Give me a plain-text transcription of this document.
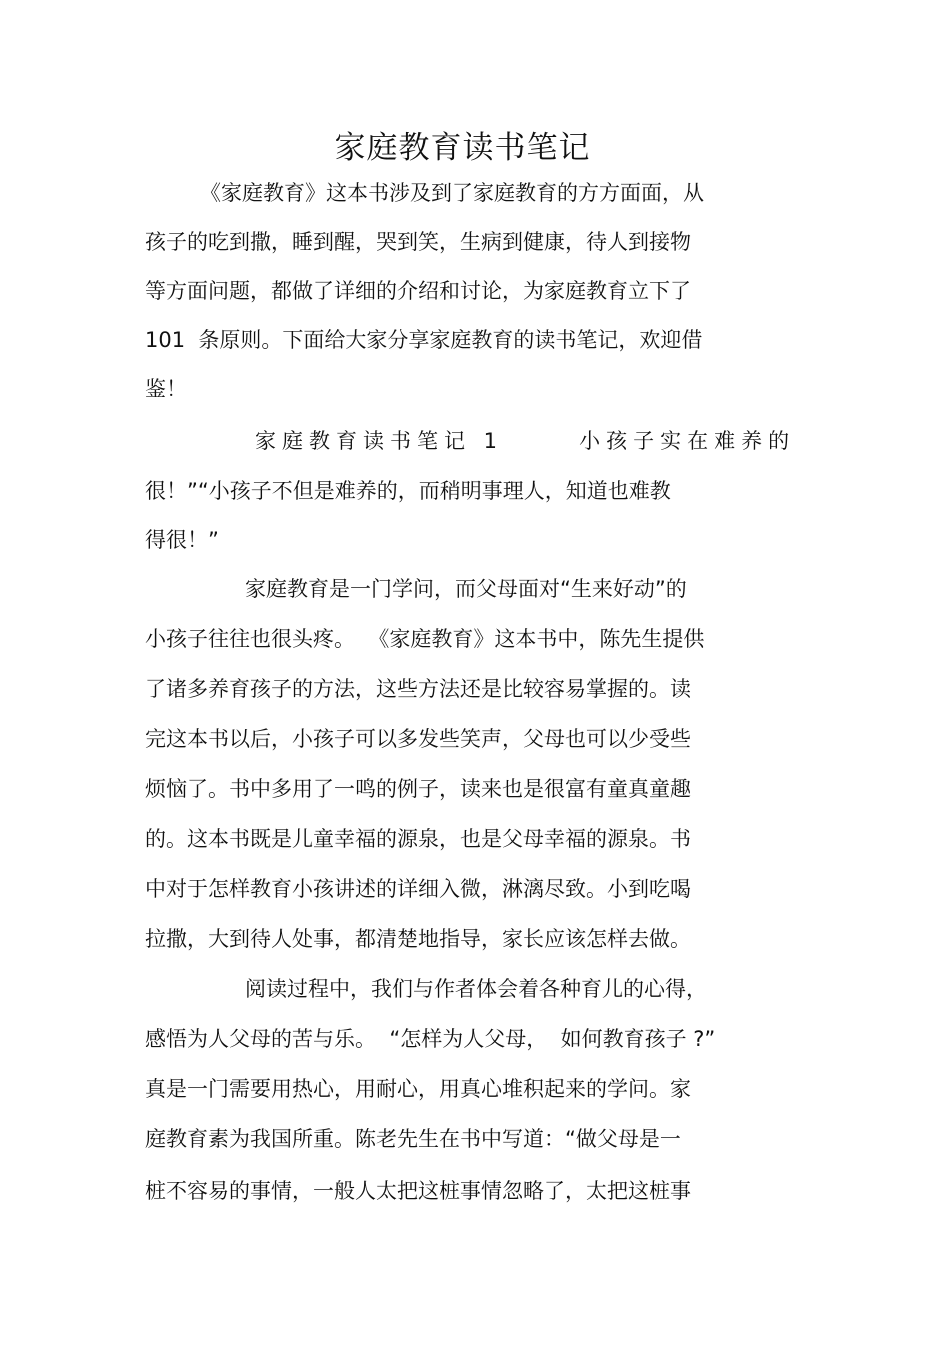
家庭教育读书笔记
《家庭教育》这本书涉及到了家庭教育的方方面面，从
孩子的吃到撒，睡到醒，哭到笑，生病到健康，待人到接物
等方面问题，都做了详细的介绍和讨论，为家庭教育立下了
101  条原则。下面给大家分享家庭教育的读书笔记，欢迎借
鉴！
家庭教育读书笔记 1      小孩子实在难养的
很！”“小孩子不但是难养的，而稍明事理人，知道也难教
得很！”
家庭教育是一门学问，而父母面对“生来好动”的
小孩子往往也很头疼。  《家庭教育》这本书中，陈先生提供
了诸多养育孩子的方法，这些方法还是比较容易掌握的。读
完这本书以后，小孩子可以多发些笑声，父母也可以少受些
烦恼了。书中多用了一鸣的例子，读来也是很富有童真童趣
的。这本书既是儿童幸福的源泉，也是父母幸福的源泉。书
中对于怎样教育小孩讲述的详细入微，淋漓尽致。小到吃喝
拉撒，大到待人处事，都清楚地指导，家长应该怎样去做。
阅读过程中，我们与作者体会着各种育儿的心得，
感悟为人父母的苦与乐。  “怎样为人父母，  如何教育孩子 ?”
真是一门需要用热心，用耐心，用真心堆积起来的学问。家
庭教育素为我国所重。陈老先生在书中写道：“做父母是一
桩不容易的事情，一般人太把这桩事情忽略了，太把这桩事
